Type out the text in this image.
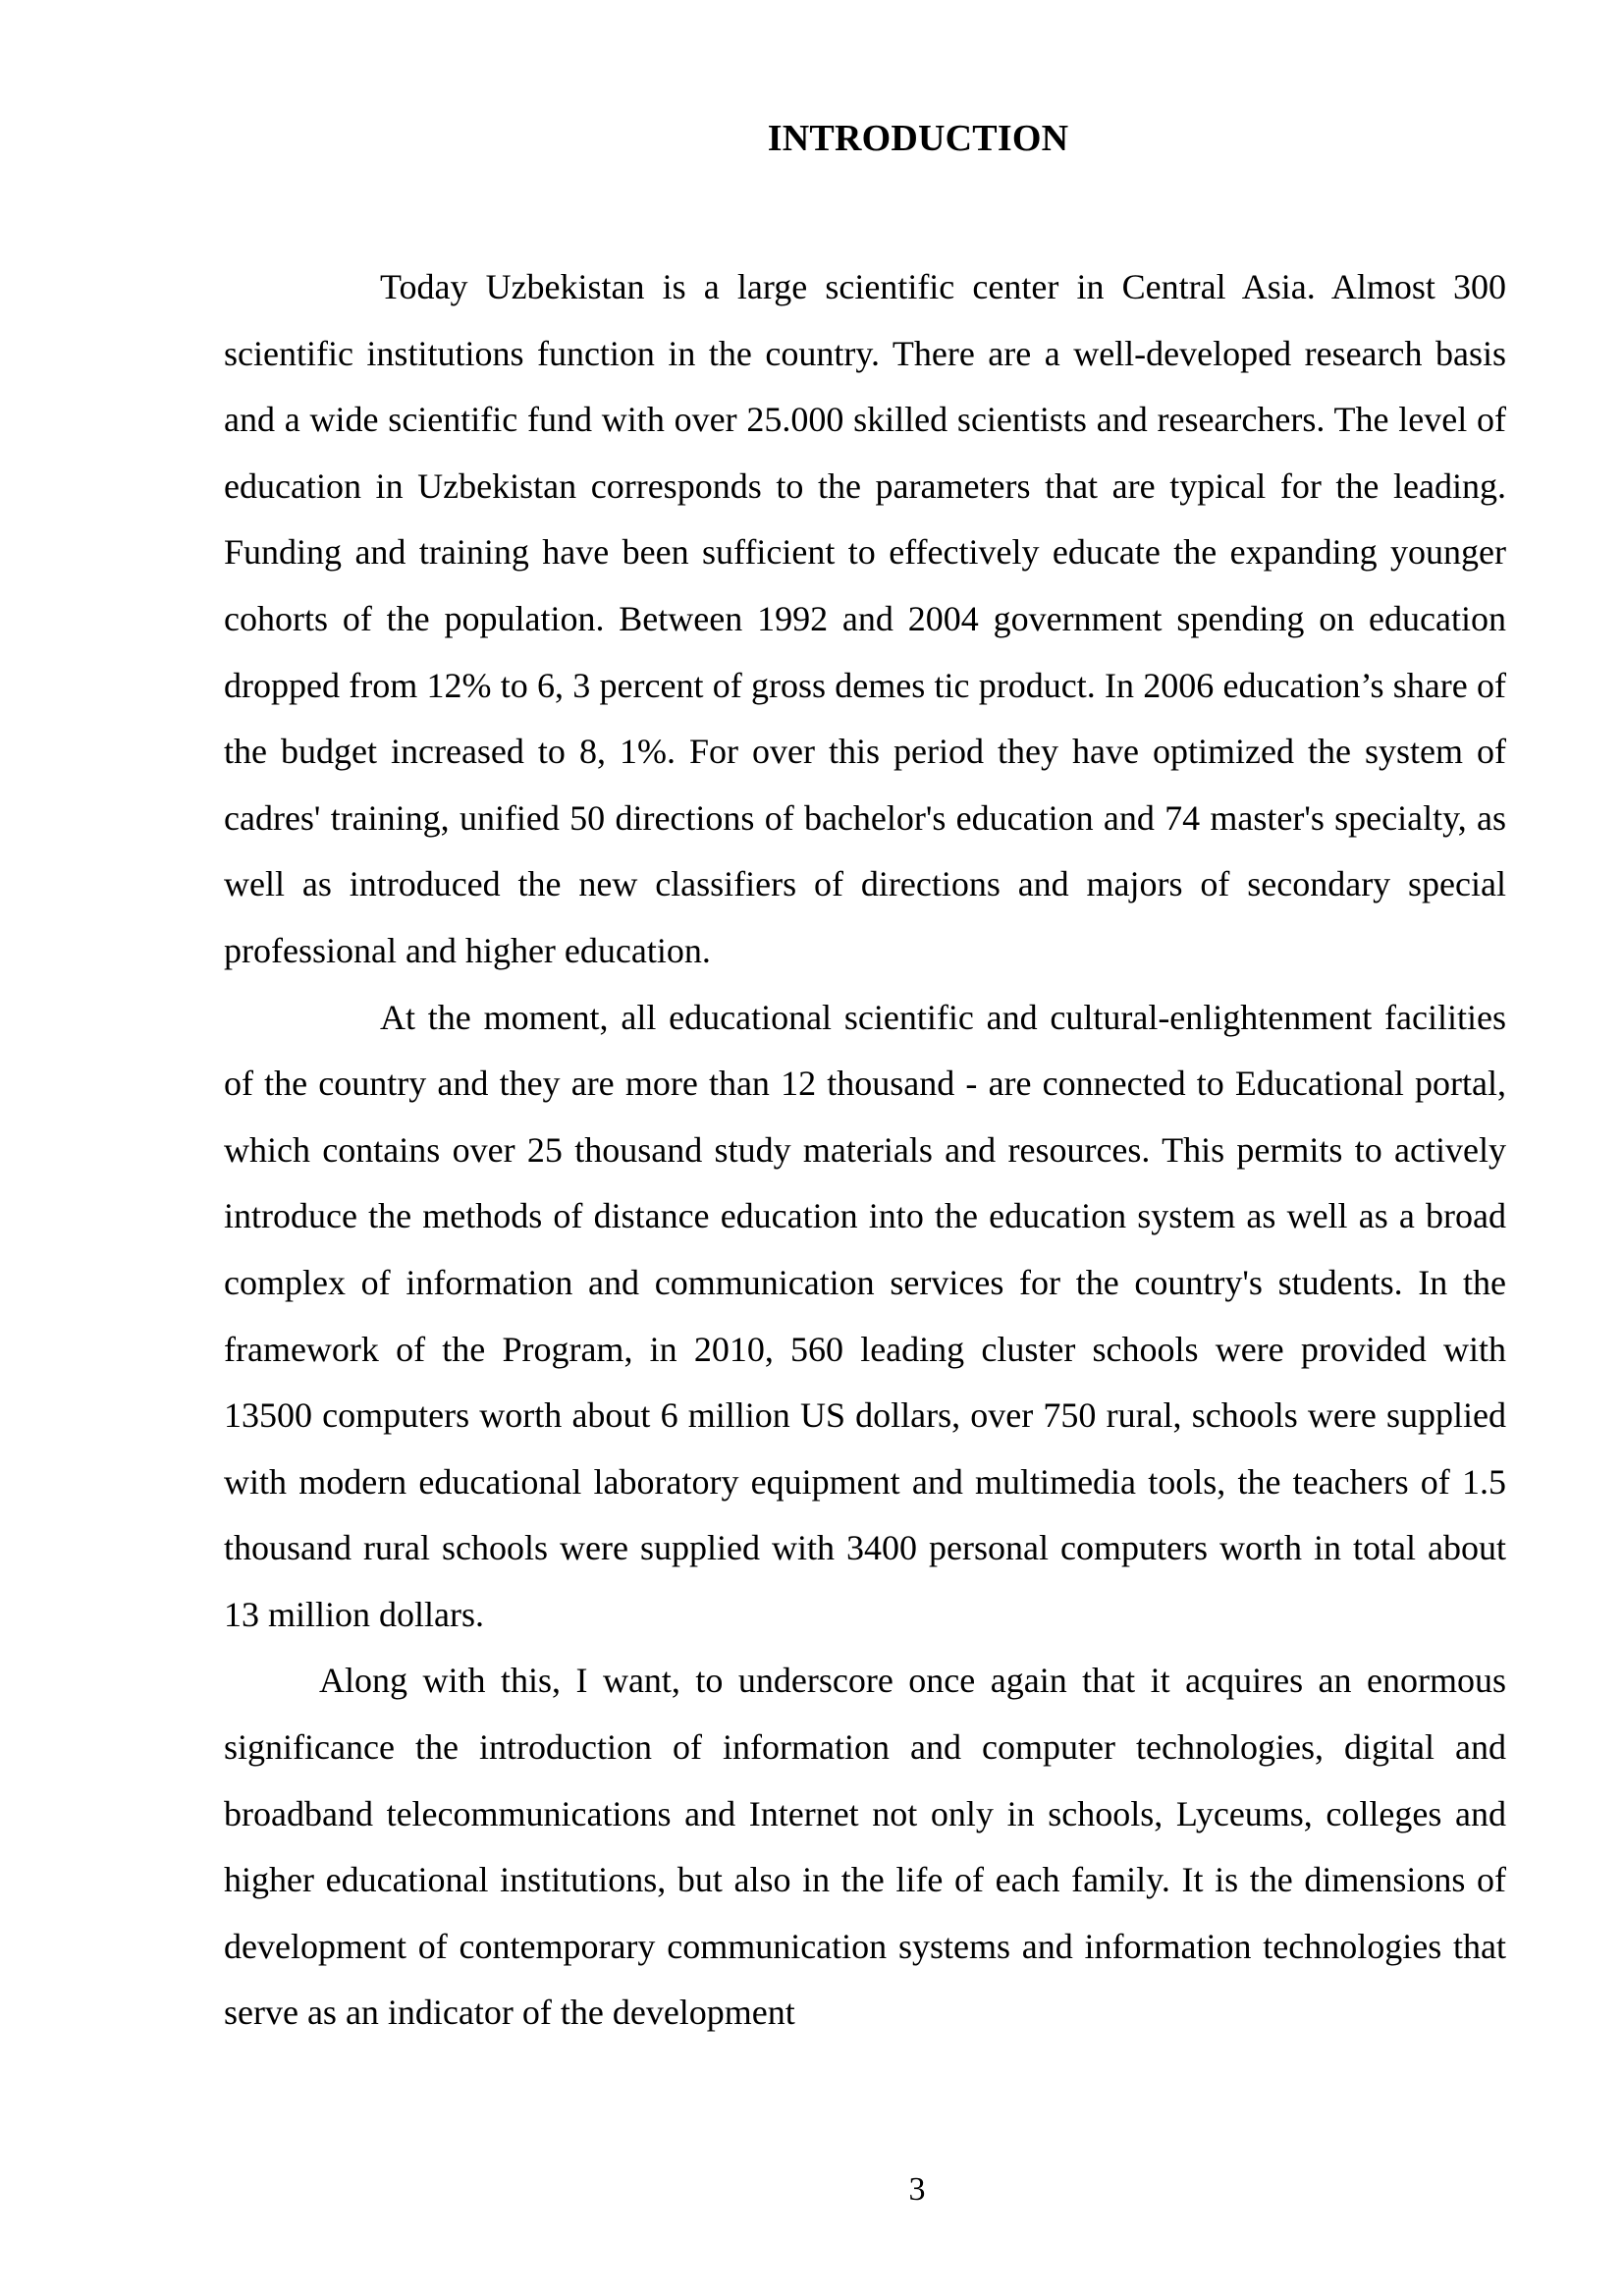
INTRODUCTION

Today Uzbekistan is a large scientific center in Central Asia. Almost 300 scientific institutions function in the country. There are a well-developed research basis and a wide scientific fund with over 25.000 skilled scientists and researchers. The level of education in Uzbekistan corresponds to the parameters that are typical for the leading. Funding and training have been sufficient to effectively educate the expanding younger cohorts of the population. Between 1992 and 2004 government spending on education dropped from 12% to 6, 3 percent of gross demes tic product. In 2006 education’s share of the budget increased to 8, 1%. For over this period they have optimized the system of cadres' training, unified 50 directions of bachelor's education and 74 master's specialty, as well as introduced the new classifiers of directions and majors of secondary special professional and higher education.

At the moment, all educational scientific and cultural-enlightenment facilities of the country and they are more than 12 thousand - are connected to Educational portal, which contains over 25 thousand study materials and resources. This permits to actively introduce the methods of distance education into the education system as well as a broad complex of information and communication services for the country's students. In the framework of the Program, in 2010, 560 leading cluster schools were provided with 13500 computers worth about 6 million US dollars, over 750 rural, schools were supplied with modern educational laboratory equipment and multimedia tools, the teachers of 1.5 thousand rural schools were supplied with 3400 personal computers worth in total about 13 million dollars.

Along with this, I want, to underscore once again that it acquires an enormous significance the introduction of information and computer technologies, digital and broadband telecommunications and Internet not only in schools, Lyceums, colleges and higher educational institutions, but also in the life of each family. It is the dimensions of development of contemporary communication systems and information technologies that serve as an indicator of the development

3
